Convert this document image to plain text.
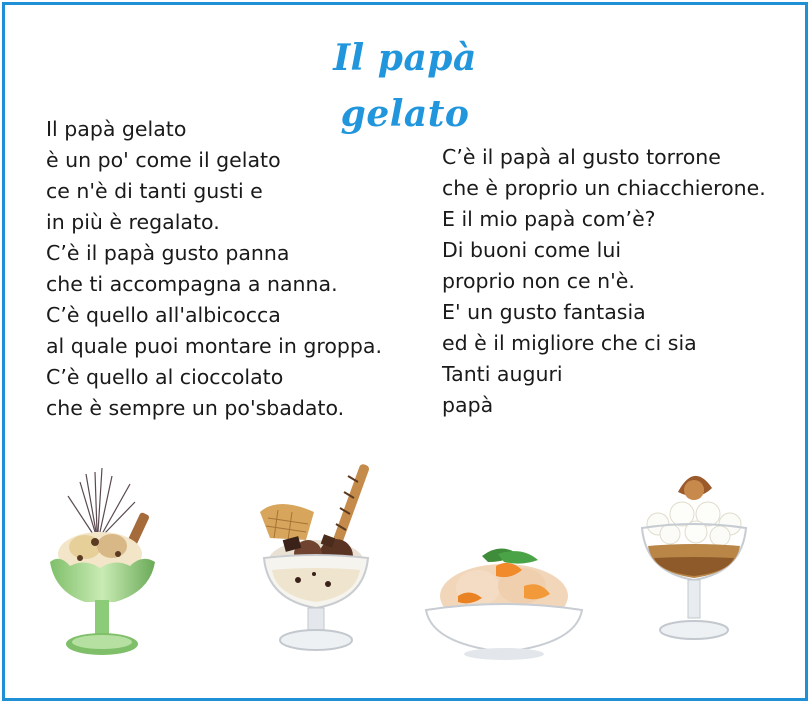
Il papà gelato
Il papà gelato
è un po' come il gelato
ce n'è di tanti gusti e
in più è regalato.
C’è il papà gusto panna
che ti accompagna a nanna.
C’è quello aIl'albicocca
al quale puoi montare in groppa.
C’è quello al cioccolato
che è sempre un po'sbadato.
C’è il papà al gusto torrone
che è proprio un chiacchierone.
E il mio papà com’è?
Di buoni come lui
proprio non ce n'è.
E' un gusto fantasia
ed è il migliore che ci sia
Tanti auguri
papà
